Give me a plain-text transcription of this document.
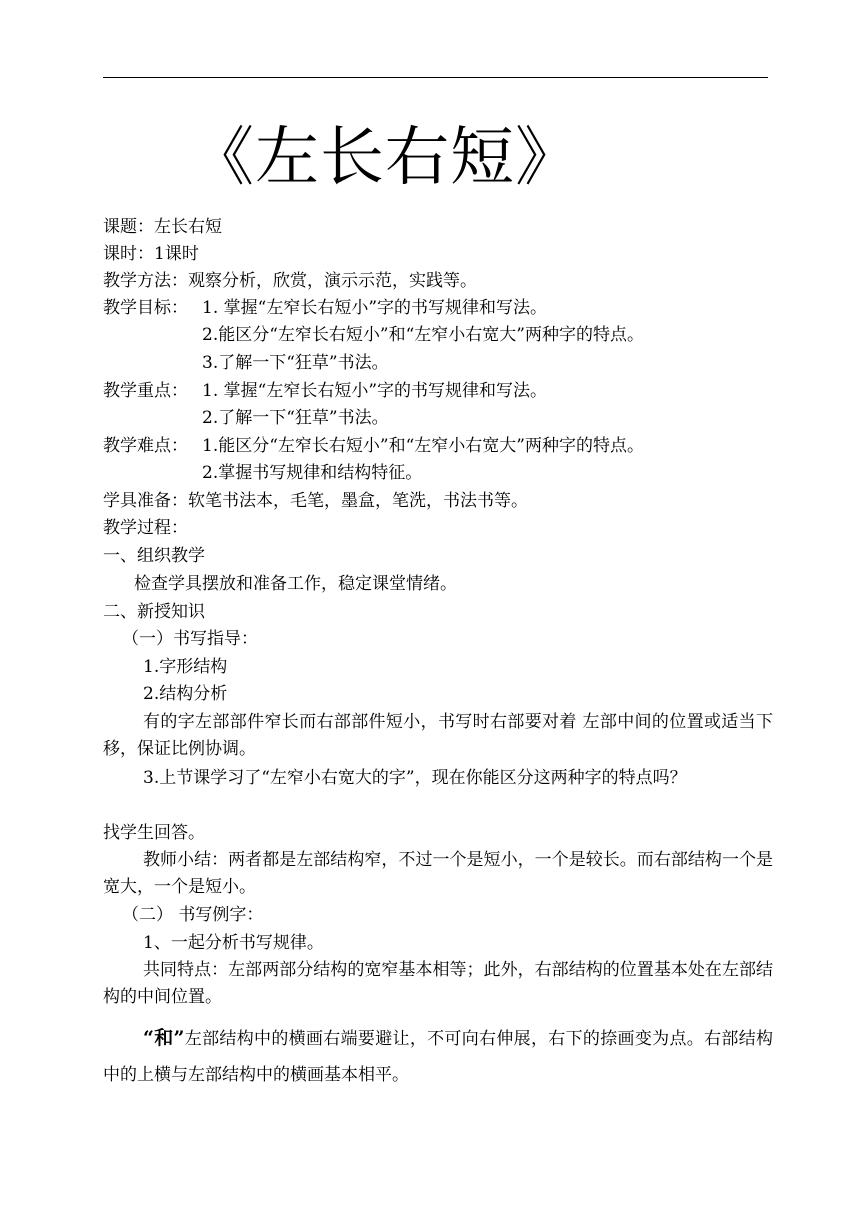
《左长右短》
课题：左长右短
课时：1课时
教学方法：观察分析，欣赏，演示示范，实践等。
教学目标： 1. 掌握“左窄长右短小”字的书写规律和写法。
2.能区分“左窄长右短小”和“左窄小右宽大”两种字的特点。
3.了解一下“狂草”书法。
教学重点： 1. 掌握“左窄长右短小”字的书写规律和写法。
2.了解一下“狂草”书法。
教学难点： 1.能区分“左窄长右短小”和“左窄小右宽大”两种字的特点。
2.掌握书写规律和结构特征。
学具准备：软笔书法本，毛笔，墨盒，笔洗，书法书等。
教学过程：
一、组织教学
检查学具摆放和准备工作，稳定课堂情绪。
二、新授知识
（一）书写指导：
1.字形结构
2.结构分析
有的字左部部件窄长而右部部件短小，书写时右部要对着 左部中间的位置或适当下移，保证比例协调。
3.上节课学习了“左窄小右宽大的字”，现在你能区分这两种字的特点吗？
找学生回答。
教师小结：两者都是左部结构窄，不过一个是短小，一个是较长。而右部结构一个是宽大，一个是短小。
（二） 书写例字：
1、一起分析书写规律。
共同特点：左部两部分结构的宽窄基本相等；此外，右部结构的位置基本处在左部结构的中间位置。
“和”左部结构中的横画右端要避让，不可向右伸展，右下的捺画变为点。右部结构中的上横与左部结构中的横画基本相平。
